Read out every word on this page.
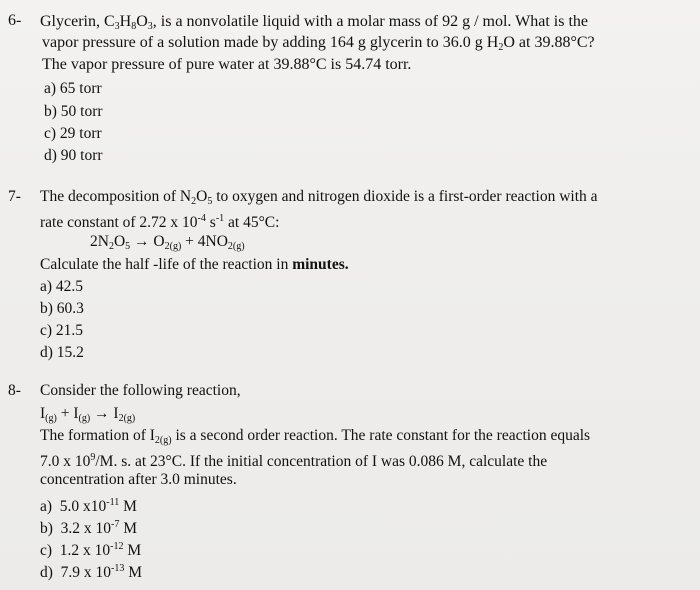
6- Glycerin, $C_3H_8O_3$, is a nonvolatile liquid with a molar mass of 92 g / mol. What is the
vapor pressure of a solution made by adding 164 g glycerin to 36.0 g $H_2O$ at 39.88°C?
The vapor pressure of pure water at 39.88°C is 54.74 torr.
a) 65 torr
b) 50 torr
c) 29 torr
d) 90 torr
7- The decomposition of $N_2O_5$ to oxygen and nitrogen dioxide is a first-order reaction with a
rate constant of 2.72 x $10^{-4}$ $s^{-1}$ at 45°C:
$2N_2O_5 \to O_{2(g)} + 4NO_{2(g)}$
Calculate the half -life of the reaction in minutes.
a) 42.5
b) 60.3
c) 21.5
d) 15.2
8- Consider the following reaction,
$I_{(g)} + I_{(g)} \to I_{2(g)}$
The formation of $I_{2(g)}$ is a second order reaction. The rate constant for the reaction equals
7.0 x $10^9/M$. s. at 23°C. If the initial concentration of I was 0.086 M, calculate the
concentration after 3.0 minutes.
a)  5.0 $x10^{-11}$ M
b)  3.2 x $10^{-7}$ M
c)  1.2 x $10^{-12}$ M
d)  7.9 x $10^{-13}$ M
